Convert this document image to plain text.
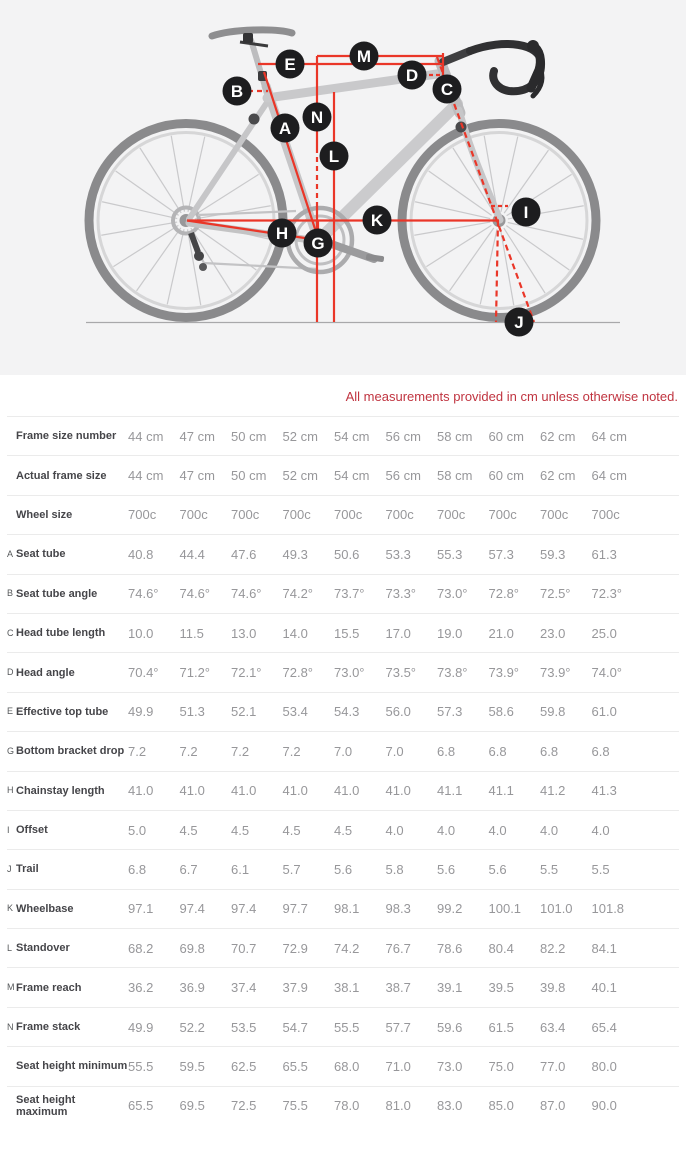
A
B	C
D
E
G
H
I
J
K
L
M
N
All measurements provided in cm unless otherwise noted.
Frame size number 44 cm	47 cm	50 cm	52 cm	54 cm	56 cm	58 cm	60 cm	62 cm	64 cm
Actual frame size 44 cm	47 cm	50 cm	52 cm	54 cm	56 cm	58 cm	60 cm	62 cm	64 cm
Wheel size	700c	700c	700c	700c	700c	700c	700c	700c	700c	700c
A Seat tube	40.8	44.4	47.6	49.3	50.6	53.3	55.3	57.3	59.3	61.3
B Seat tube angle 74.6°	74.6°	74.6°	74.2°	73.7°	73.3°	73.0°	72.8°	72.5°	72.3°
C Head tube length 10.0	11.5	13.0	14.0	15.5	17.0	19.0	21.0	23.0	25.0
D Head angle	70.4°	71.2°	72.1°	72.8°	73.0°	73.5°	73.8°	73.9°	73.9°	74.0°
E Effective top tube 49.9	51.3	52.1	53.4	54.3	56.0	57.3	58.6	59.8	61.0
G Bottom bracket drop 7.2	7.2	7.2	7.2	7.0	7.0	6.8	6.8	6.8	6.8
H Chainstay length 41.0	41.0	41.0	41.0	41.0	41.0	41.1	41.1	41.2	41.3
I Offset	5.0	4.5	4.5	4.5	4.5	4.0	4.0	4.0	4.0	4.0
J Trail	6.8	6.7	6.1	5.7	5.6	5.8	5.6	5.6	5.5	5.5
K Wheelbase	97.1	97.4	97.4	97.7	98.1	98.3	99.2	100.1	101.0	101.8
L Standover	68.2	69.8	70.7	72.9	74.2	76.7	78.6	80.4	82.2	84.1
M Frame reach	36.2	36.9	37.4	37.9	38.1	38.7	39.1	39.5	39.8	40.1
N Frame stack	49.9	52.2	53.5	54.7	55.5	57.7	59.6	61.5	63.4	65.4
Seat height minimum 55.5	59.5	62.5	65.5	68.0	71.0	73.0	75.0	77.0	80.0
Seat height maximum	65.5	69.5	72.5	75.5	78.0	81.0	83.0	85.0	87.0	90.0
